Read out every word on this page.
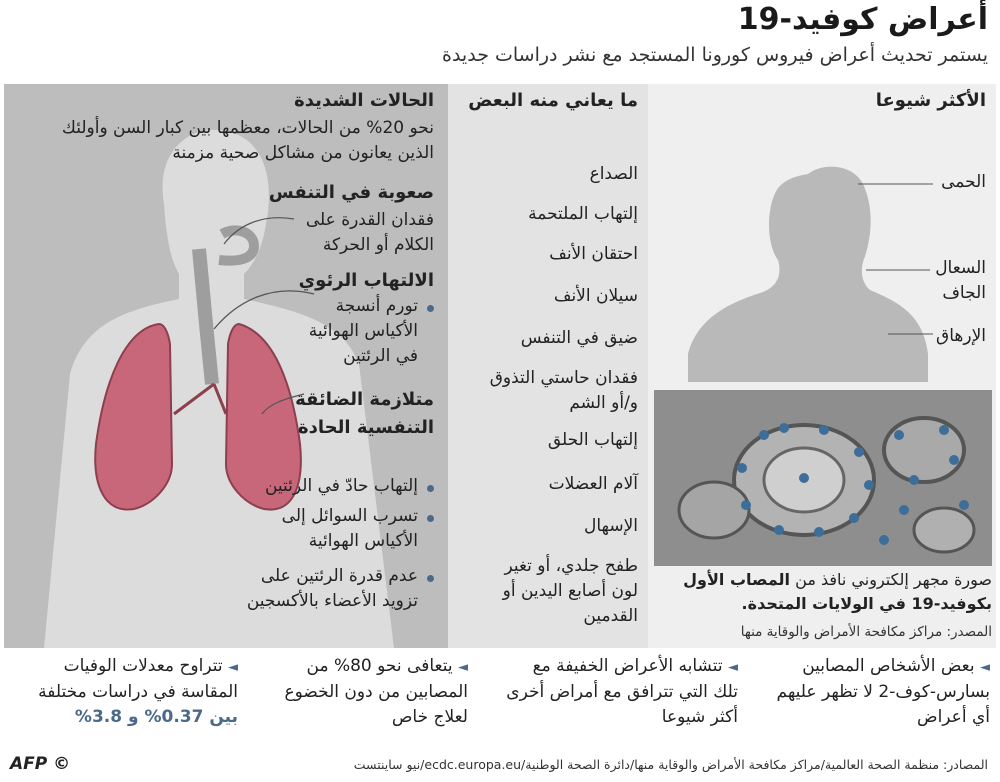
أعراض كوفيد-19
يستمر تحديث أعراض فيروس كورونا المستجد مع نشر دراسات جديدة
الحالات الشديدة
نحو 20% من الحالات، معظمها بين كبار السن وأولئك الذين يعانون من مشاكل صحية مزمنة
صعوبة في التنفس
فقدان القدرة على الكلام أو الحركة
الالتهاب الرئوي
تورم أنسجة الأكياس الهوائية في الرئتين
متلازمة الضائقة التنفسية الحادة
إلتهاب حادّ في الرئتين
تسرب السوائل إلى الأكياس الهوائية
عدم قدرة الرئتين على تزويد الأعضاء بالأكسجين
ما يعاني منه البعض
الصداع
إلتهاب الملتحمة
احتقان الأنف
سيلان الأنف
ضيق في التنفس
فقدان حاستي التذوق و/أو الشم
إلتهاب الحلق
آلام العضلات
الإسهال
طفح جلدي، أو تغير لون أصابع اليدين أو القدمين
الأكثر شيوعا
الحمى
السعال الجاف
الإرهاق
صورة مجهر إلكتروني نافذ من المصاب الأول بكوفيد-19 في الولايات المتحدة.
المصدر: مراكز مكافحة الأمراض والوقاية منها
◄ بعض الأشخاص المصابين بسارس-كوف-2 لا تظهر عليهم أي أعراض
◄ تتشابه الأعراض الخفيفة مع تلك التي تترافق مع أمراض أخرى أكثر شيوعا
◄ يتعافى نحو 80% من المصابين من دون الخضوع لعلاج خاص
◄ تتراوح معدلات الوفيات المقاسة في دراسات مختلفة بين 0.37% و 3.8%
المصادر: منظمة الصحة العالمية/مراكز مكافحة الأمراض والوقاية منها/دائرة الصحة الوطنية/ecdc.europa.eu/نيو ساينتست
© AFP
